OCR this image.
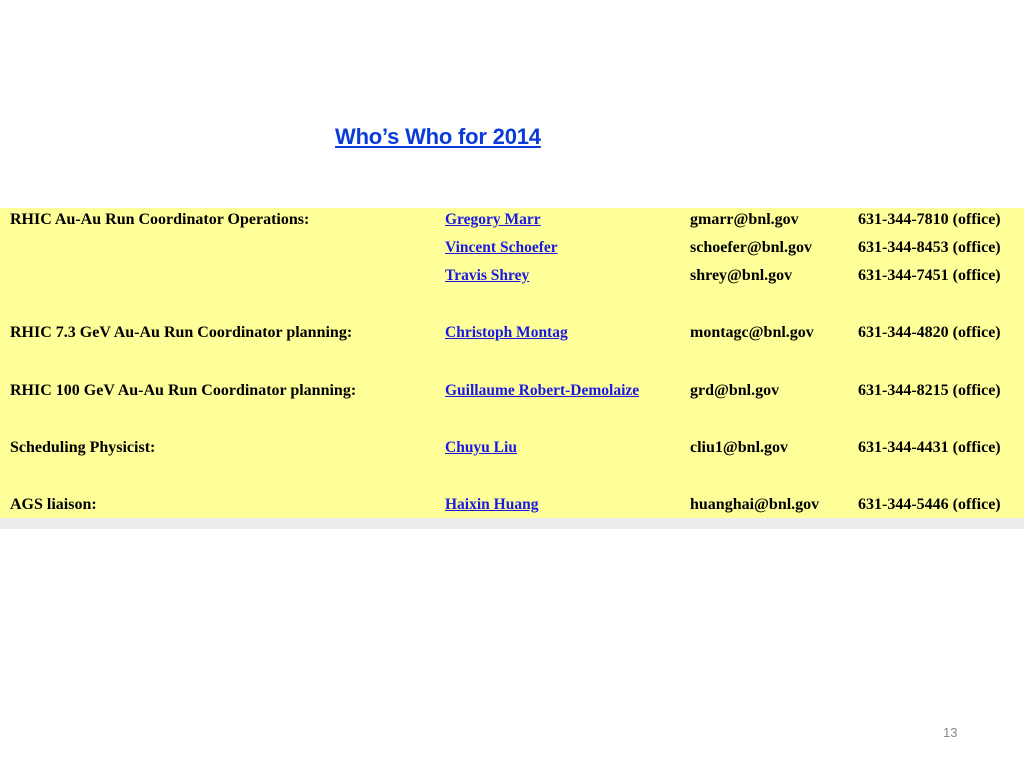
Who’s Who for 2014
RHIC Au-Au Run Coordinator Operations:	Gregory Marr	gmarr@bnl.gov	631-344-7810 (office)
Vincent Schoefer	schoefer@bnl.gov	631-344-8453 (office)
Travis Shrey	shrey@bnl.gov	631-344-7451 (office)
RHIC 7.3 GeV Au-Au Run Coordinator planning:	Christoph Montag	montagc@bnl.gov	631-344-4820 (office)
RHIC 100 GeV Au-Au Run Coordinator planning:	Guillaume Robert-Demolaize	grd@bnl.gov	631-344-8215 (office)
Scheduling Physicist:	Chuyu Liu	cliu1@bnl.gov	631-344-4431 (office)
AGS liaison:	Haixin Huang	huanghai@bnl.gov 631-344-5446 (office)
13
